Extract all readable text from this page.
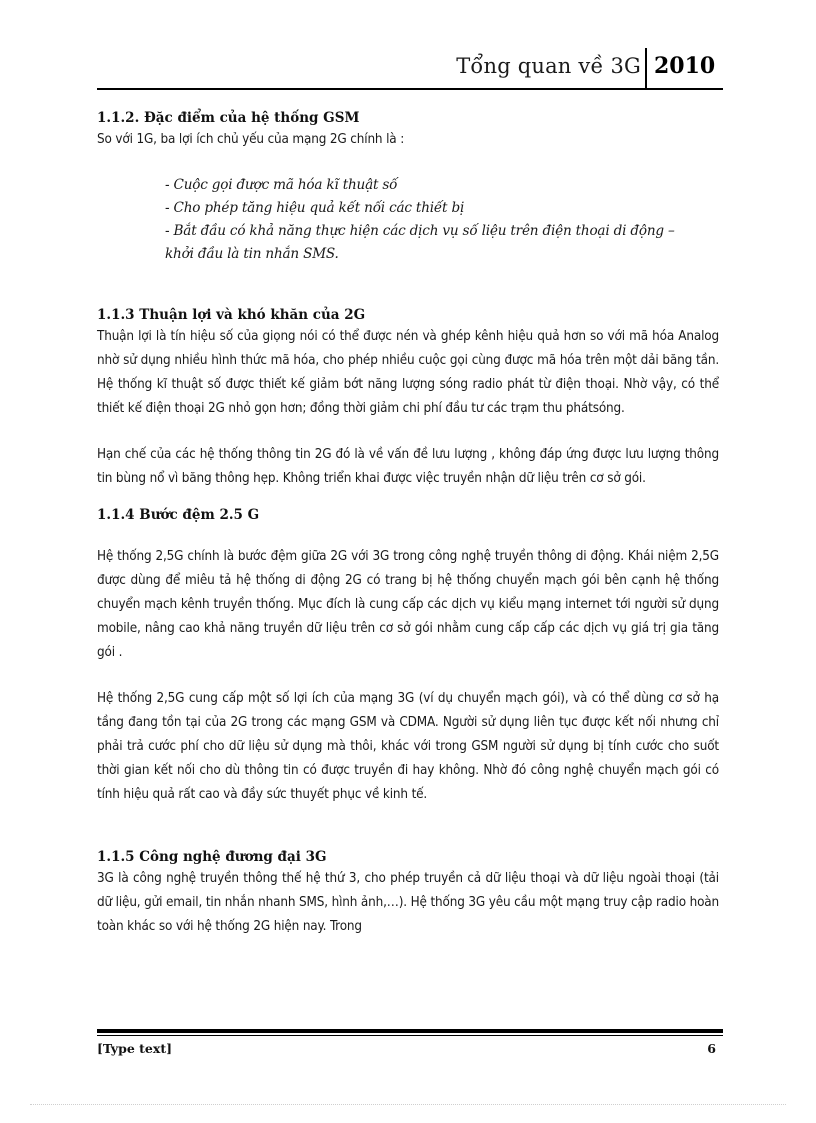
Tổng quan về 3G 2010

1.1.2. Đặc điểm của hệ thống GSM

So với 1G, ba lợi ích chủ yếu của mạng 2G chính là :

- Cuộc gọi được mã hóa kĩ thuật số
- Cho phép tăng hiệu quả kết nối các thiết bị
- Bắt đầu có khả năng thực hiện các dịch vụ số liệu trên điện thoại di động –
khởi đầu là tin nhắn SMS.

1.1.3 Thuận lợi và khó khăn của 2G

Thuận lợi là tín hiệu số của giọng nói có thể được nén và ghép kênh hiệu quả hơn so với mã hóa Analog nhờ sử dụng nhiều hình thức mã hóa, cho phép nhiều cuộc gọi cùng được mã hóa trên một dải băng tần. Hệ thống kĩ thuật số được thiết kế giảm bớt năng lượng sóng radio phát từ điện thoại. Nhờ vậy, có thể thiết kế điện thoại 2G nhỏ gọn hơn; đồng thời giảm chi phí đầu tư các trạm thu phátsóng.

Hạn chế của các hệ thống thông tin 2G đó là về vấn đề lưu lượng , không đáp ứng được lưu lượng thông tin bùng nổ vì băng thông hẹp. Không triển khai được việc truyền nhận dữ liệu trên cơ sở gói.

1.1.4 Bước đệm 2.5 G

Hệ thống 2,5G chính là bước đệm giữa 2G với 3G trong công nghệ truyền thông di động. Khái niệm 2,5G được dùng để miêu tả hệ thống di động 2G có trang bị hệ thống chuyển mạch gói bên cạnh hệ thống chuyển mạch kênh truyền thống. Mục đích là cung cấp các dịch vụ kiểu mạng internet tới người sử dụng mobile, nâng cao khả năng truyền dữ liệu trên cơ sở gói nhằm cung cấp cấp các dịch vụ giá trị gia tăng gói .

Hệ thống 2,5G cung cấp một số lợi ích của mạng 3G (ví dụ chuyển mạch gói), và có thể dùng cơ sở hạ tầng đang tồn tại của 2G trong các mạng GSM và CDMA. Người sử dụng liên tục được kết nối nhưng chỉ phải trả cước phí cho dữ liệu sử dụng mà thôi, khác với trong GSM người sử dụng bị tính cước cho suốt thời gian kết nối cho dù thông tin có được truyền đi hay không. Nhờ đó công nghệ chuyển mạch gói có tính hiệu quả rất cao và đầy sức thuyết phục về kinh tế.

1.1.5 Công nghệ đương đại 3G

3G là công nghệ truyền thông thế hệ thứ 3, cho phép truyền cả dữ liệu thoại và dữ liệu ngoài thoại (tải dữ liệu, gửi email, tin nhắn nhanh SMS, hình ảnh,…). Hệ thống 3G yêu cầu một mạng truy cập radio hoàn toàn khác so với hệ thống 2G hiện nay. Trong

[Type text]	6
